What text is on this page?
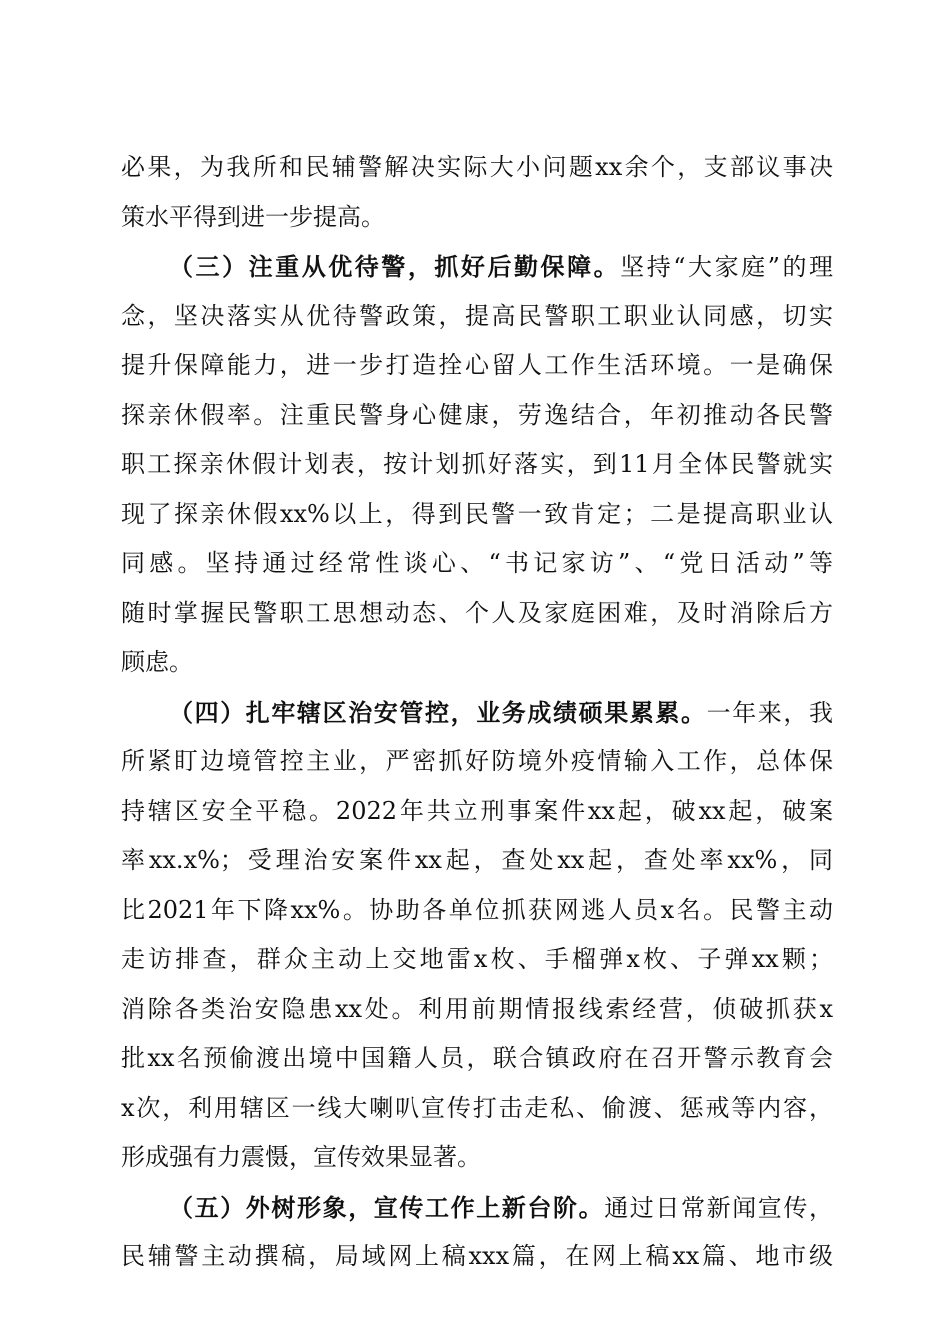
必果，为我所和民辅警解决实际大小问题xx余个，支部议事决
策水平得到进一步提高。
（三）注重从优待警，抓好后勤保障。坚持“大家庭”的理
念，坚决落实从优待警政策，提高民警职工职业认同感，切实
提升保障能力，进一步打造拴心留人工作生活环境。一是确保
探亲休假率。注重民警身心健康，劳逸结合，年初推动各民警
职工探亲休假计划表，按计划抓好落实，到11月全体民警就实
现了探亲休假xx%以上，得到民警一致肯定；二是提高职业认
同感。坚持通过经常性谈心、“书记家访”、“党日活动”等
随时掌握民警职工思想动态、个人及家庭困难，及时消除后方
顾虑。
（四）扎牢辖区治安管控，业务成绩硕果累累。一年来，我
所紧盯边境管控主业，严密抓好防境外疫情输入工作，总体保
持辖区安全平稳。2022年共立刑事案件xx起，破xx起，破案
率xx.x%；受理治安案件xx起，查处xx起，查处率xx%，同
比2021年下降xx%。协助各单位抓获网逃人员x名。民警主动
走访排查，群众主动上交地雷x枚、手榴弹x枚、子弹xx颗；
消除各类治安隐患xx处。利用前期情报线索经营，侦破抓获x
批xx名预偷渡出境中国籍人员，联合镇政府在召开警示教育会
x次，利用辖区一线大喇叭宣传打击走私、偷渡、惩戒等内容，
形成强有力震慑，宣传效果显著。
（五）外树形象，宣传工作上新台阶。通过日常新闻宣传，
民辅警主动撰稿，局域网上稿xxx篇，在网上稿xx篇、地市级
